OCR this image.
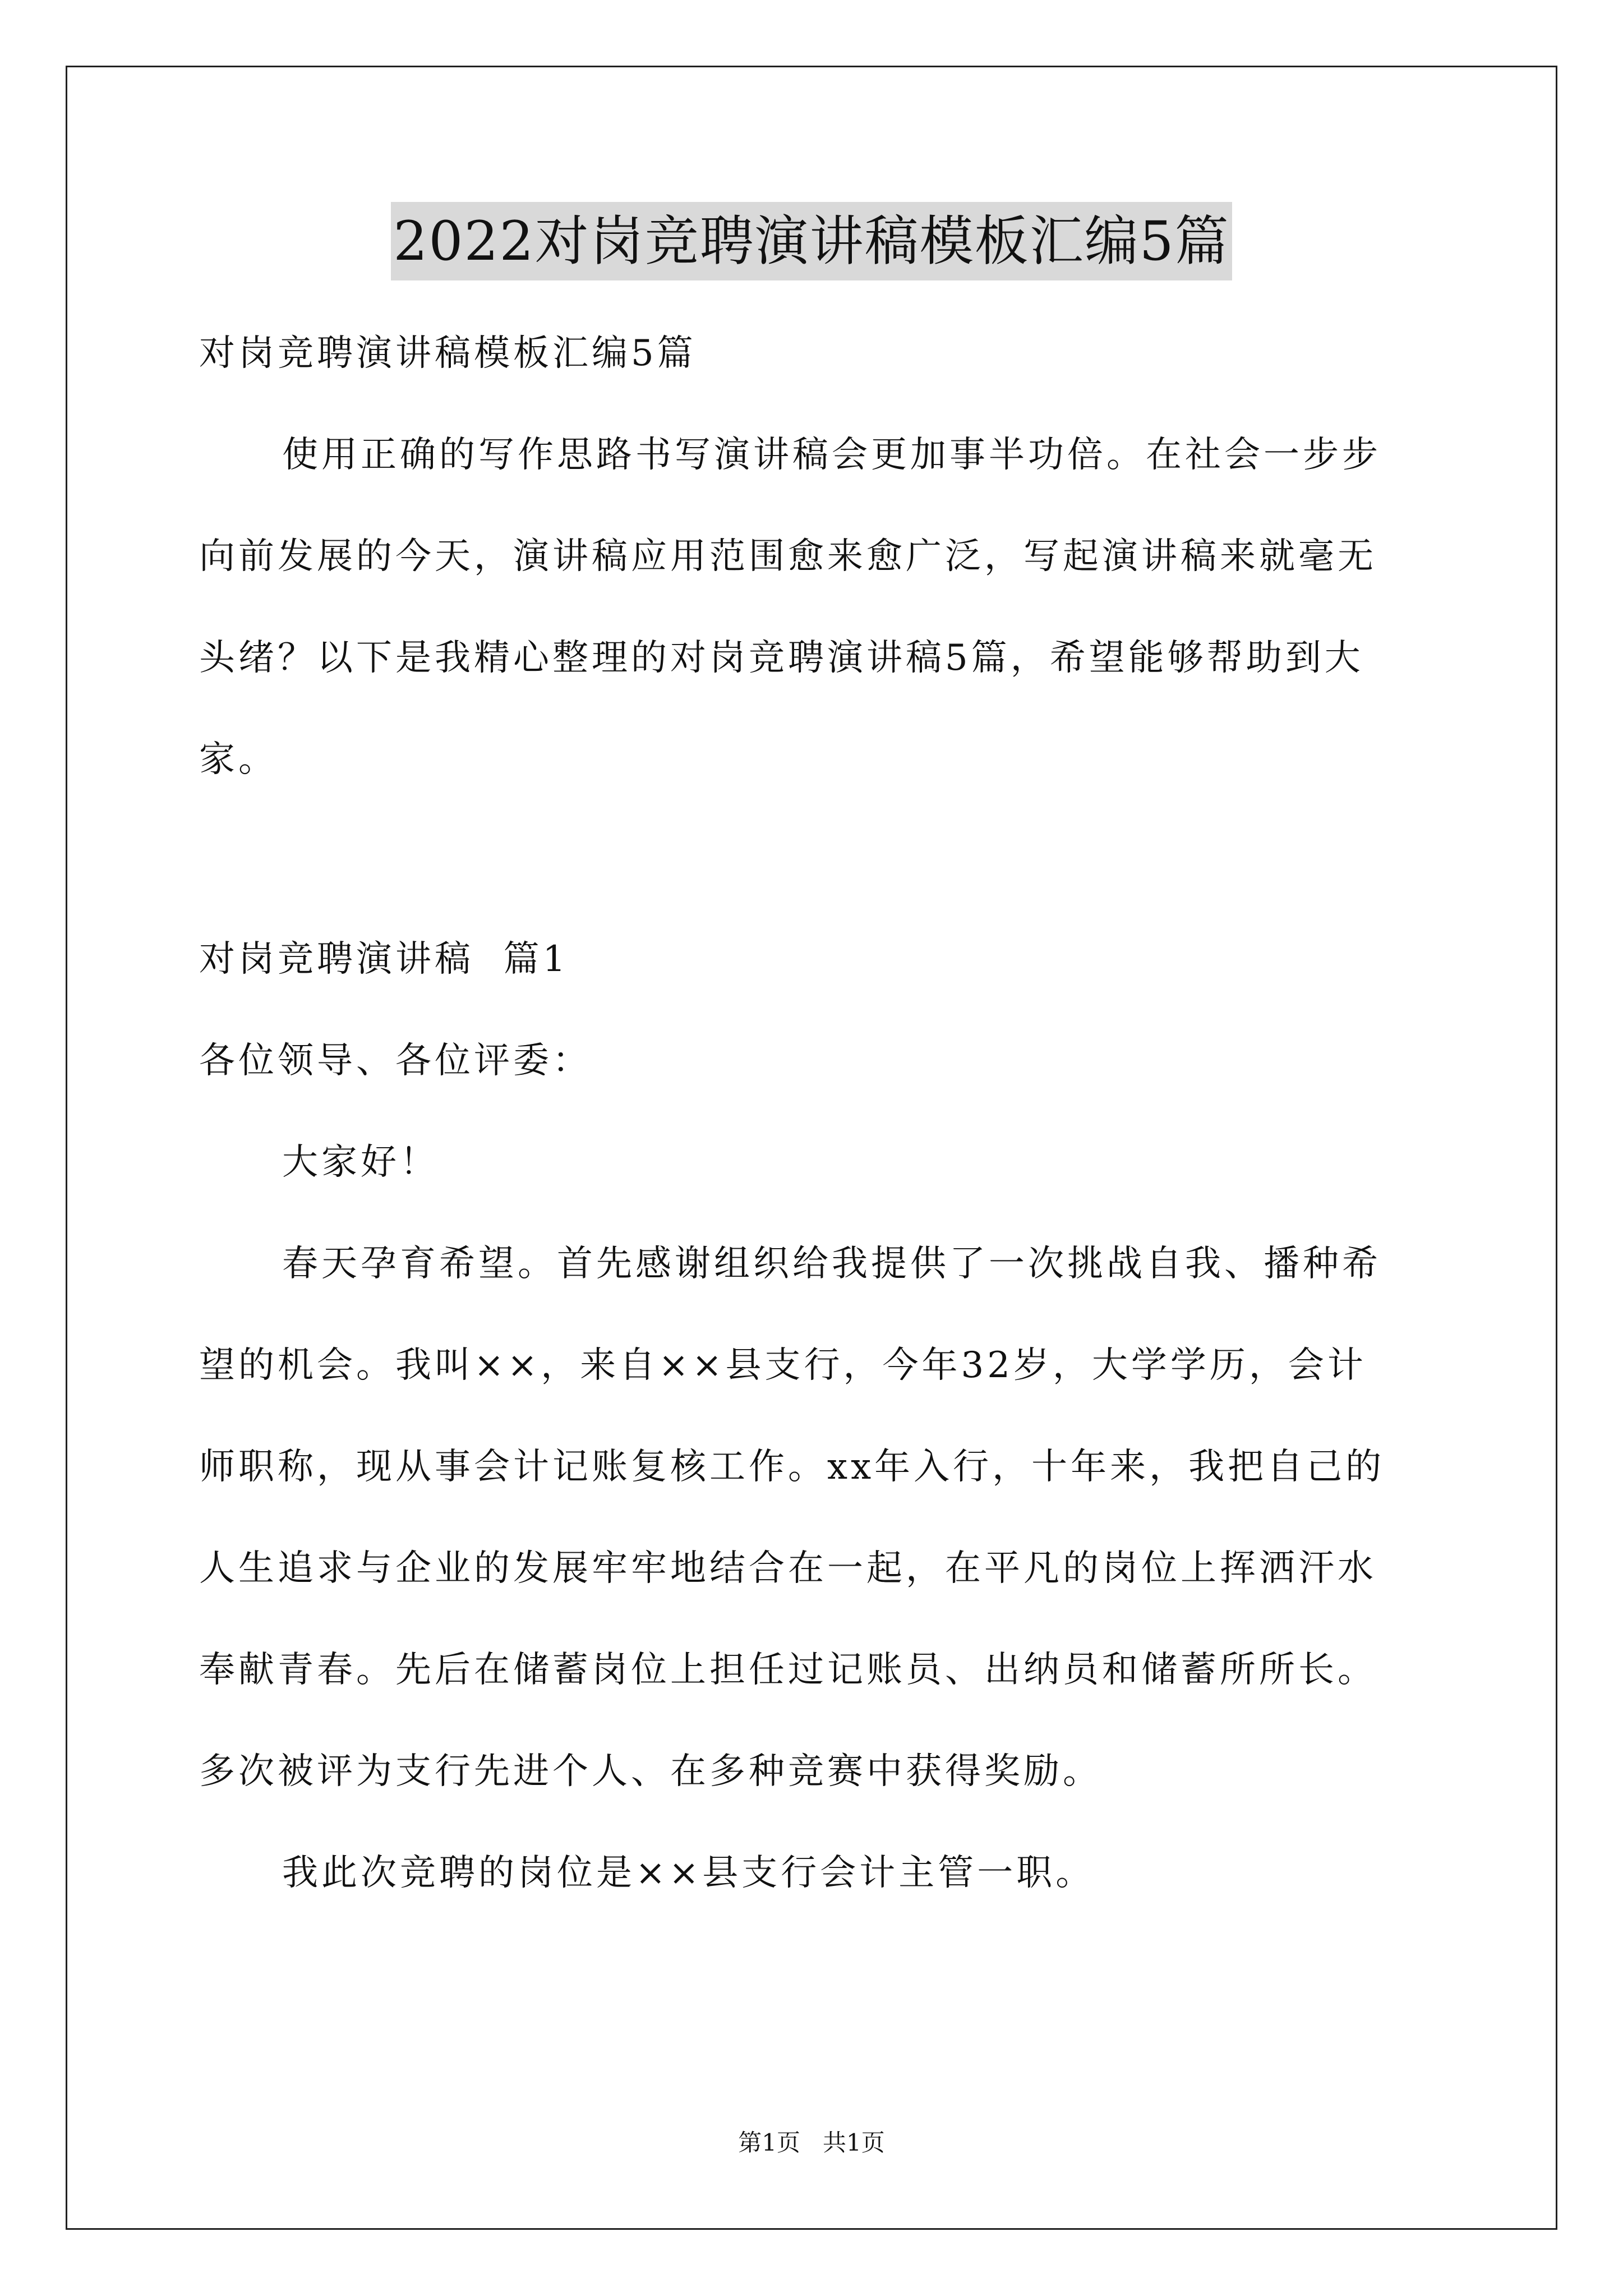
2022对岗竞聘演讲稿模板汇编5篇

对岗竞聘演讲稿模板汇编5篇

使用正确的写作思路书写演讲稿会更加事半功倍。在社会一步步

向前发展的今天，演讲稿应用范围愈来愈广泛，写起演讲稿来就毫无

头绪？以下是我精心整理的对岗竞聘演讲稿5篇，希望能够帮助到大

家。

对岗竞聘演讲稿  篇1

各位领导、各位评委：

大家好！

春天孕育希望。首先感谢组织给我提供了一次挑战自我、播种希

望的机会。我叫××，来自××县支行，今年32岁，大学学历，会计

师职称，现从事会计记账复核工作。xx年入行，十年来，我把自己的

人生追求与企业的发展牢牢地结合在一起，在平凡的岗位上挥洒汗水

奉献青春。先后在储蓄岗位上担任过记账员、出纳员和储蓄所所长。

多次被评为支行先进个人、在多种竞赛中获得奖励。

我此次竞聘的岗位是××县支行会计主管一职。

第1页   共1页
